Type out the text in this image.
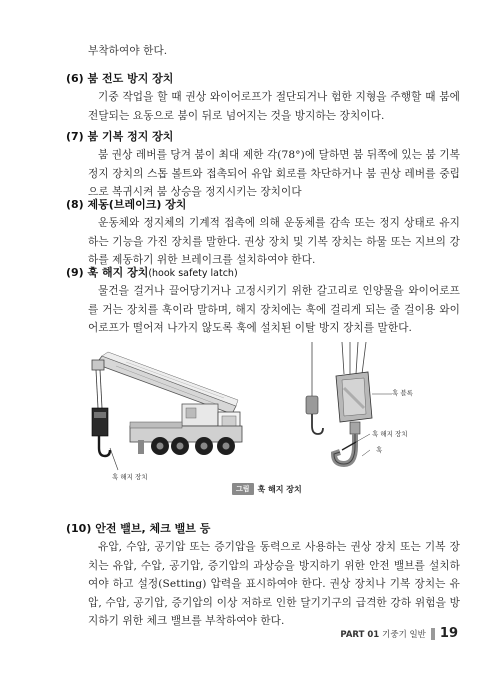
부착하여야 한다.
(6) 붐 전도 방지 장치
기중 작업을 할 때 권상 와이어로프가 절단되거나 험한 지형을 주행할 때 붐에 전달되는 요동으로 붐이 뒤로 넘어지는 것을 방지하는 장치이다.
(7) 붐 기복 정지 장치
붐 권상 레버를 당겨 붐이 최대 제한 각(78°)에 달하면 붐 뒤쪽에 있는 붐 기복 정지 장치의 스톱 볼트와 접촉되어 유압 회로를 차단하거나 붐 권상 레버를 중립으로 복귀시켜 붐 상승을 정지시키는 장치이다
(8) 제동(브레이크) 장치
운동체와 정지체의 기계적 접촉에 의해 운동체를 감속 또는 정지 상태로 유지하는 기능을 가진 장치를 말한다. 권상 장치 및 기복 장치는 하물 또는 지브의 강하를 제동하기 위한 브레이크를 설치하여야 한다.
(9) 훅 해지 장치(hook safety latch)
물건을 걸거나 끌어당기거나 고정시키기 위한 갈고리로 인양물을 와이어로프를 거는 장치를 훅이라 말하며, 해지 장치에는 훅에 걸리게 되는 줄 걸이용 와이어로프가 떨어져 나가지 않도록 훅에 설치된 이탈 방지 장치를 말한다.
훅 해지 장치
훅 블록
훅 해지 장치
훅
그림	훅 해지 장치
(10) 안전 밸브, 체크 밸브 등
유압, 수압, 공기압 또는 증기압을 동력으로 사용하는 권상 장치 또는 기복 장치는 유압, 수압, 공기압, 증기압의 과상승을 방지하기 위한 안전 밸브를 설치하여야 하고 설정(Setting) 압력을 표시하여야 한다. 권상 장치나 기복 장치는 유압, 수압, 공기압, 증기압의 이상 저하로 인한 달기기구의 급격한 강하 위험을 방지하기 위한 체크 밸브를 부착하여야 한다.
PART 01 기중기 일반 19
